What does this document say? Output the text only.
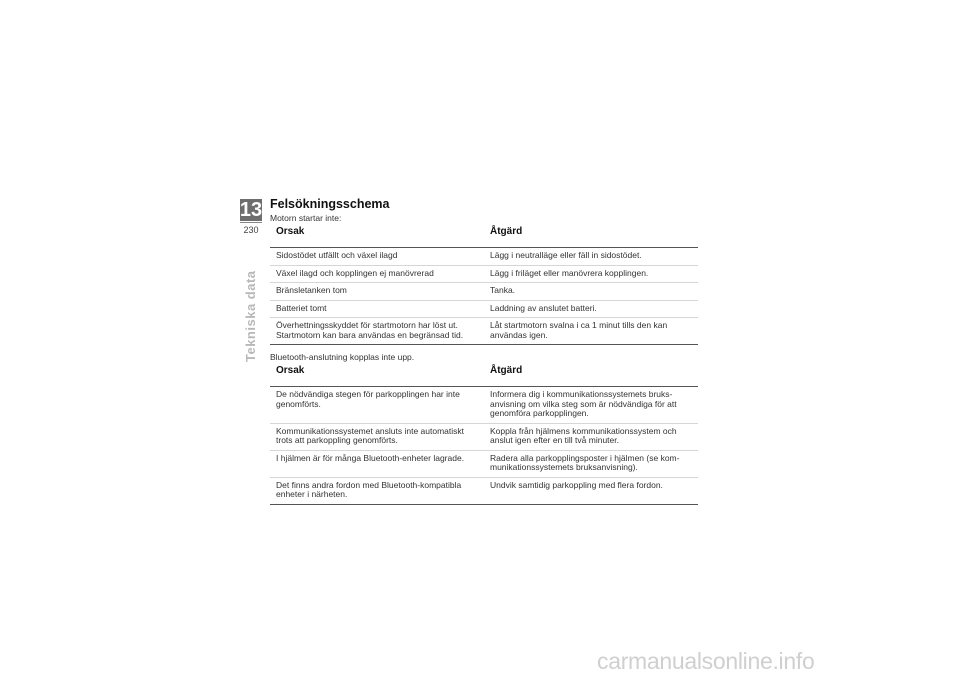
13
230
Tekniska data
Felsökningsschema
Motorn startar inte:
Orsak	Åtgärd
Sidostödet utfällt och växel ilagd	Lägg i neutralläge eller fäll in sidostödet.
Växel ilagd och kopplingen ej manövrerad	Lägg i friläget eller manövrera kopplingen.
Bränsletanken tom	Tanka.
Batteriet tomt	Laddning av anslutet batteri.
Överhettningsskyddet för startmotorn har löst ut. Startmotorn kan bara användas en begränsad tid.	Låt startmotorn svalna i ca 1 minut tills den kan användas igen.
Bluetooth-anslutning kopplas inte upp.
Orsak	Åtgärd
De nödvändiga stegen för parkopplingen har inte genomförts.	Informera dig i kommunikationssystemets bruks-anvisning om vilka steg som är nödvändiga för att genomföra parkopplingen.
Kommunikationssystemet ansluts inte automatiskt trots att parkoppling genomförts.	Koppla från hjälmens kommunikationssystem och anslut igen efter en till två minuter.
I hjälmen är för många Bluetooth-enheter lagrade.	Radera alla parkopplingsposter i hjälmen (se kom-munikationssystemets bruksanvisning).
Det finns andra fordon med Bluetooth-kompatibla enheter i närheten.	Undvik samtidig parkoppling med flera fordon.
carmanualsonline.info
